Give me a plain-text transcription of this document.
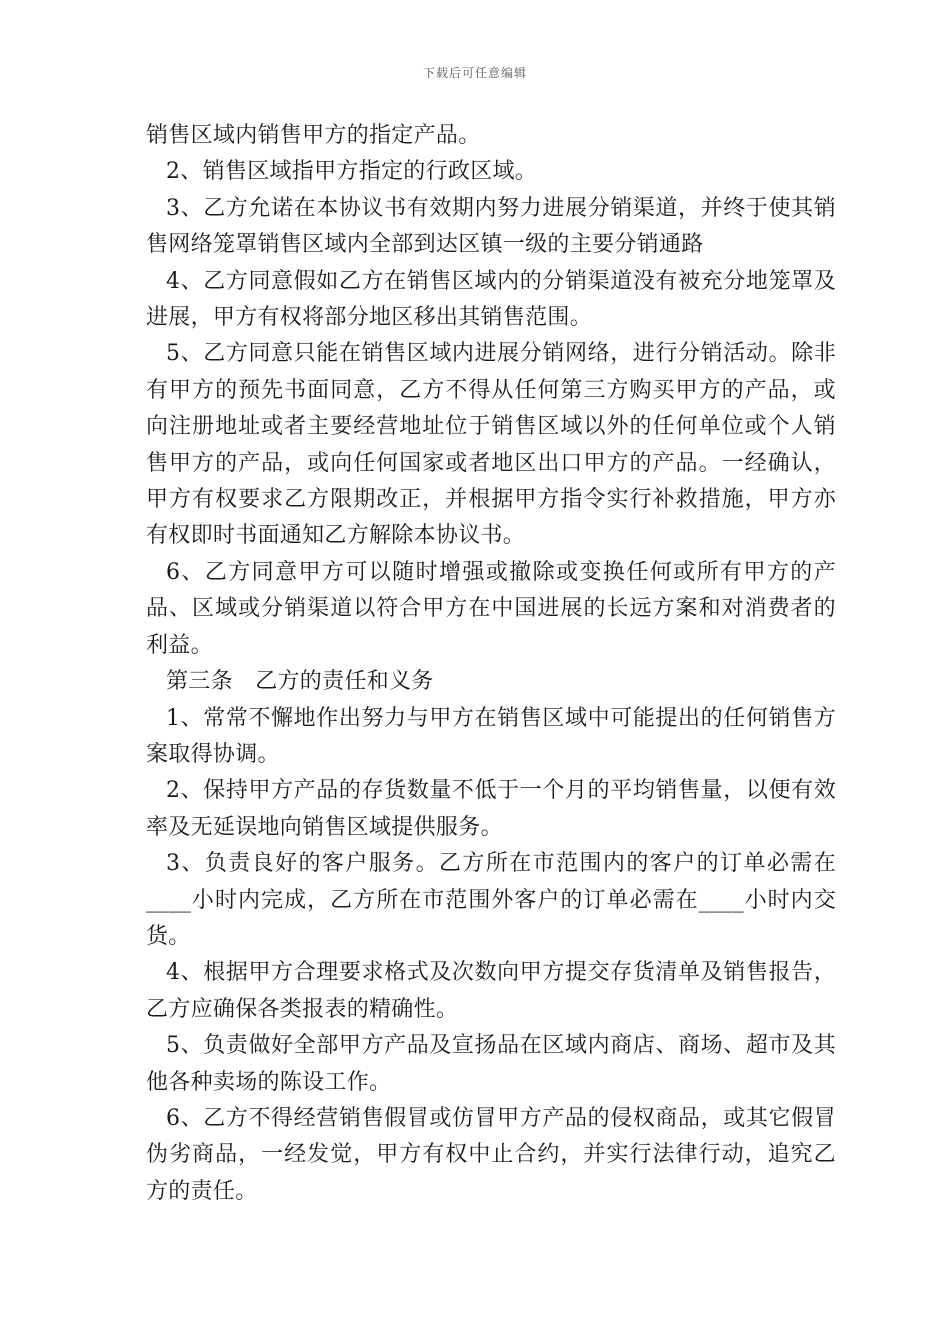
下载后可任意编辑

销售区域内销售甲方的指定产品。

2、销售区域指甲方指定的行政区域。

3、乙方允诺在本协议书有效期内努力进展分销渠道，并终于使其销售网络笼罩销售区域内全部到达区镇一级的主要分销通路

4、乙方同意假如乙方在销售区域内的分销渠道没有被充分地笼罩及进展，甲方有权将部分地区移出其销售范围。

5、乙方同意只能在销售区域内进展分销网络，进行分销活动。除非有甲方的预先书面同意，乙方不得从任何第三方购买甲方的产品，或向注册地址或者主要经营地址位于销售区域以外的任何单位或个人销售甲方的产品，或向任何国家或者地区出口甲方的产品。一经确认，甲方有权要求乙方限期改正，并根据甲方指令实行补救措施，甲方亦有权即时书面通知乙方解除本协议书。

6、乙方同意甲方可以随时增强或撤除或变换任何或所有甲方的产品、区域或分销渠道以符合甲方在中国进展的长远方案和对消费者的利益。

第三条　乙方的责任和义务

1、常常不懈地作出努力与甲方在销售区域中可能提出的任何销售方案取得协调。

2、保持甲方产品的存货数量不低于一个月的平均销售量，以便有效率及无延误地向销售区域提供服务。

3、负责良好的客户服务。乙方所在市范围内的客户的订单必需在____小时内完成，乙方所在市范围外客户的订单必需在____小时内交货。

4、根据甲方合理要求格式及次数向甲方提交存货清单及销售报告，乙方应确保各类报表的精确性。

5、负责做好全部甲方产品及宣扬品在区域内商店、商场、超市及其他各种卖场的陈设工作。

6、乙方不得经营销售假冒或仿冒甲方产品的侵权商品，或其它假冒伪劣商品，一经发觉，甲方有权中止合约，并实行法律行动，追究乙方的责任。
